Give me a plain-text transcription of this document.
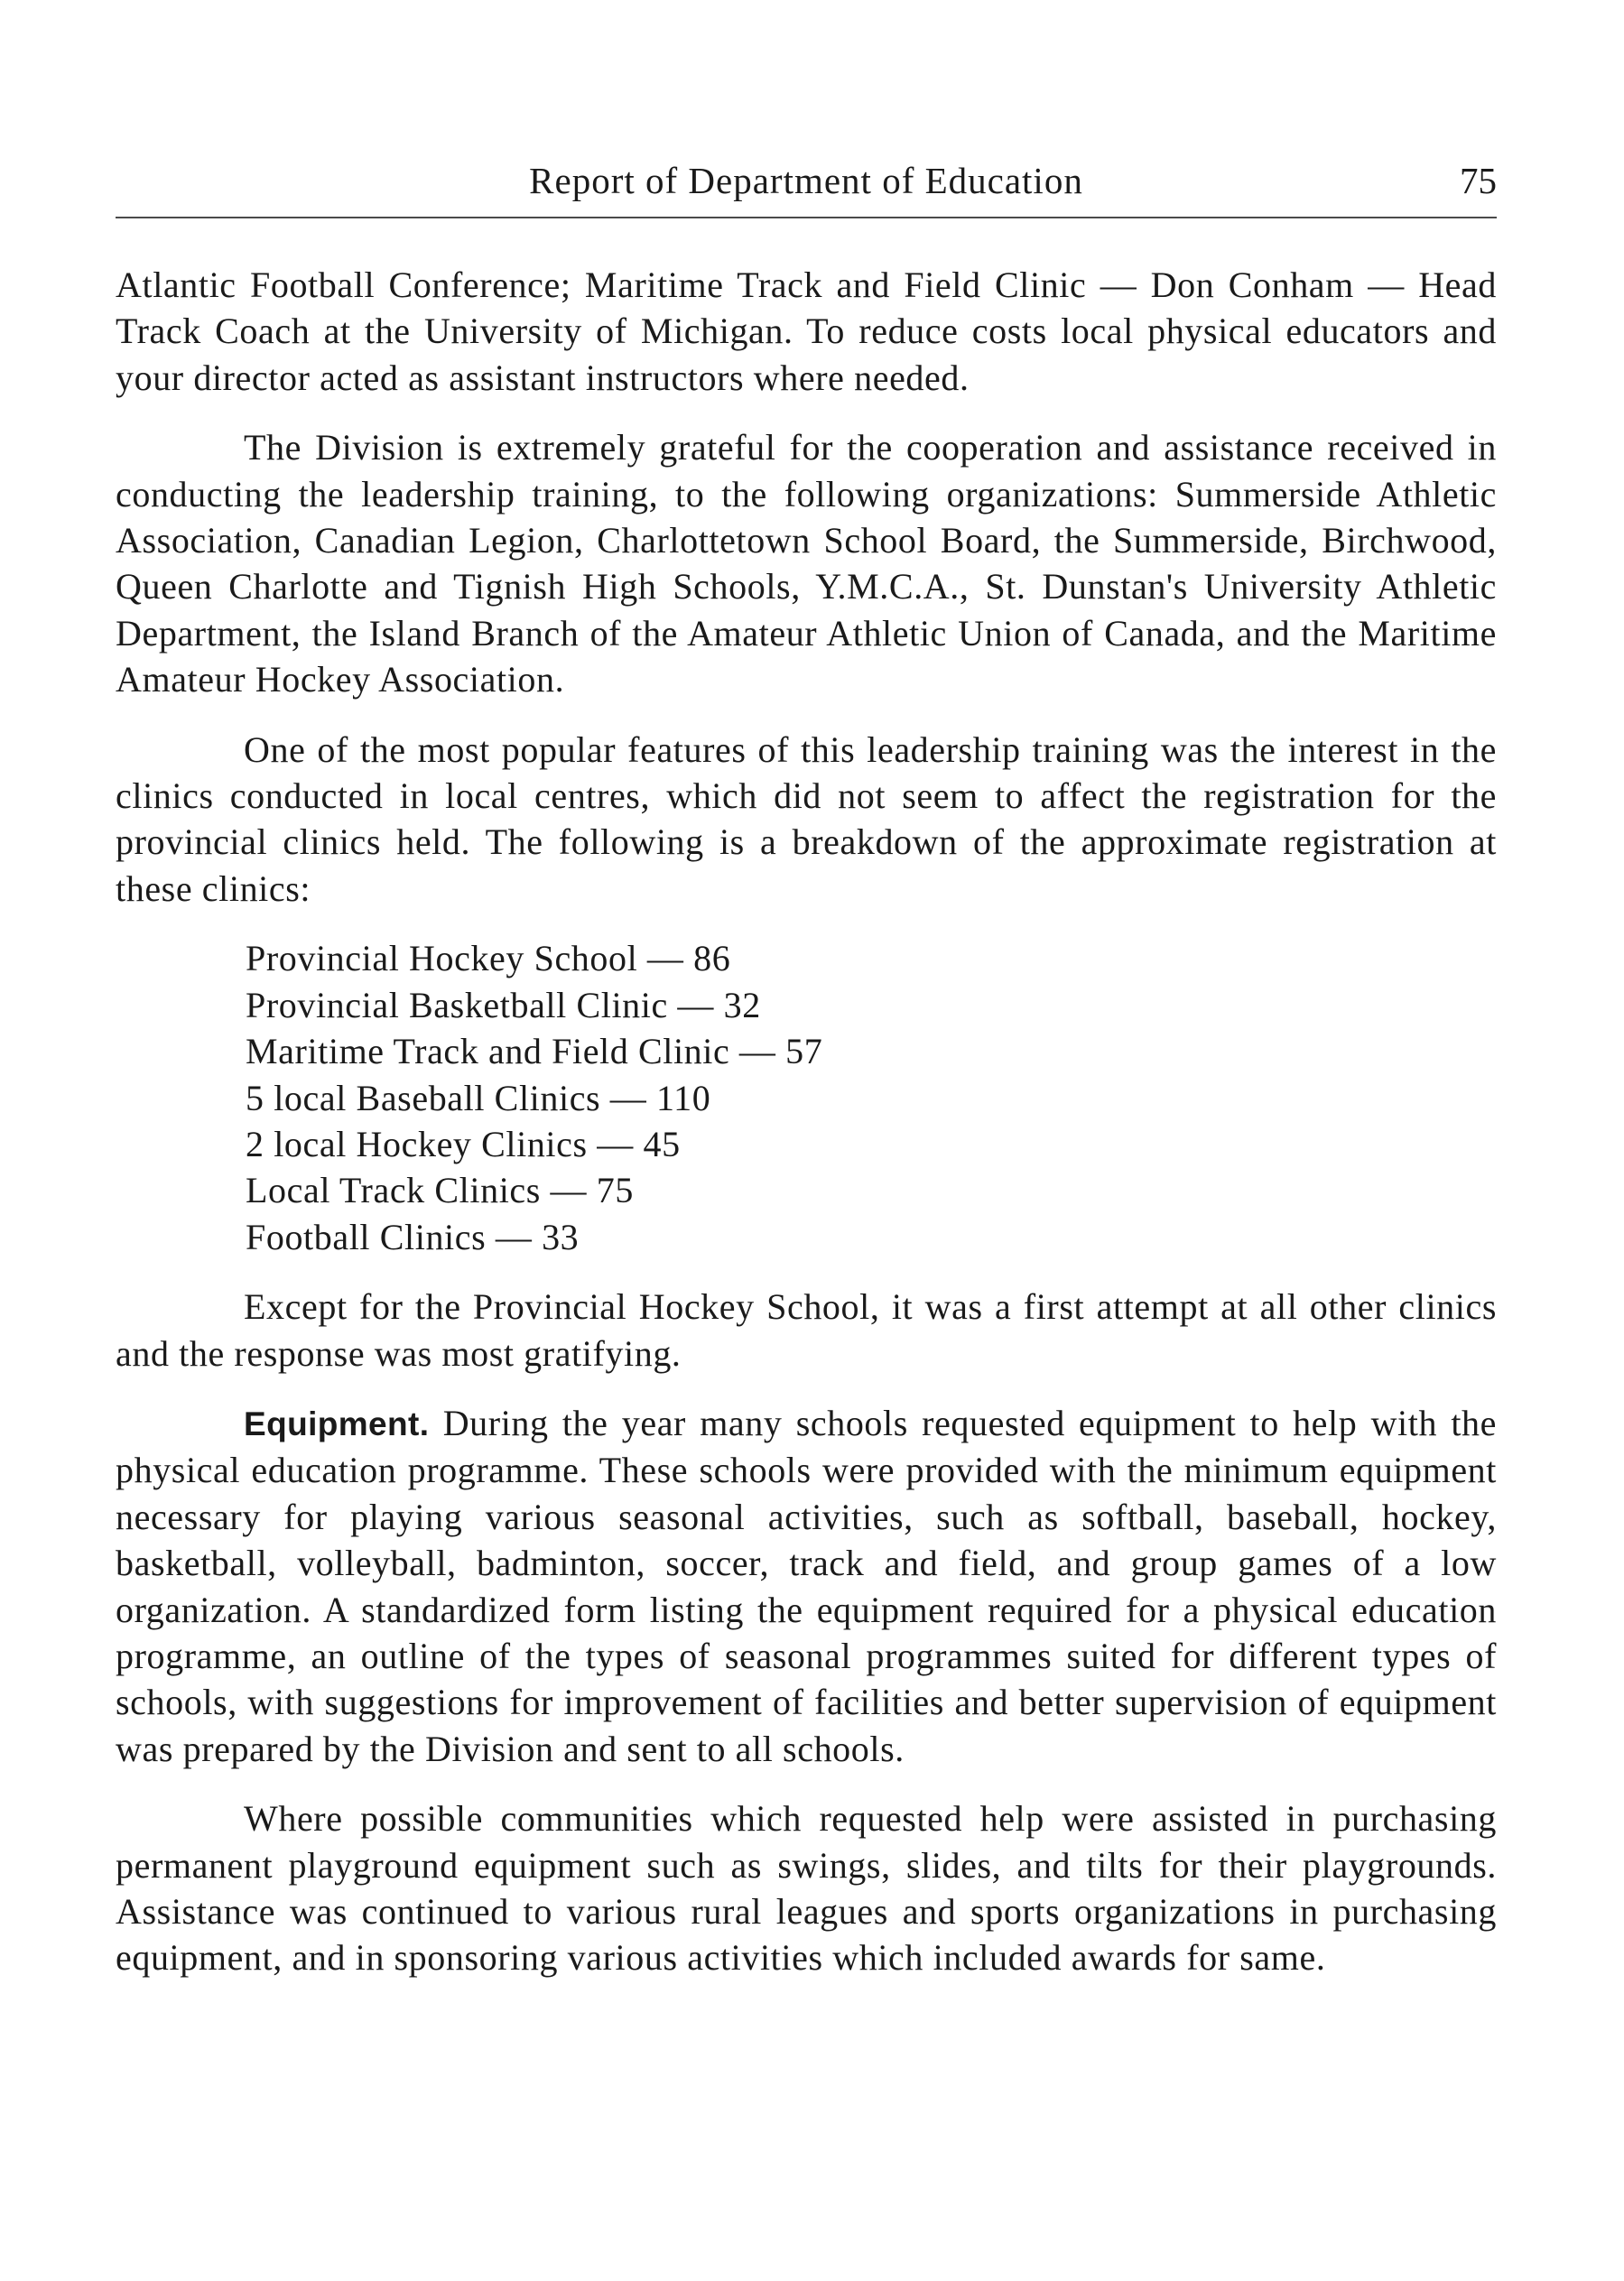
Report of Department of Education	75

Atlantic Football Conference; Maritime Track and Field Clinic — Don Conham — Head Track Coach at the University of Michigan. To reduce costs local physical educators and your director acted as assistant instructors where needed.

The Division is extremely grateful for the cooperation and assistance received in conducting the leadership training, to the following organizations: Summerside Athletic Association, Canadian Legion, Charlottetown School Board, the Summerside, Birchwood, Queen Charlotte and Tignish High Schools, Y.M.C.A., St. Dunstan's University Athletic Department, the Island Branch of the Amateur Athletic Union of Canada, and the Maritime Amateur Hockey Association.

One of the most popular features of this leadership training was the interest in the clinics conducted in local centres, which did not seem to affect the registration for the provincial clinics held. The following is a breakdown of the approximate registration at these clinics:

Provincial Hockey School — 86
Provincial Basketball Clinic — 32
Maritime Track and Field Clinic — 57
5 local Baseball Clinics — 110
2 local Hockey Clinics — 45
Local Track Clinics — 75
Football Clinics — 33

Except for the Provincial Hockey School, it was a first attempt at all other clinics and the response was most gratifying.

Equipment. During the year many schools requested equipment to help with the physical education programme. These schools were provided with the minimum equipment necessary for playing various seasonal activities, such as softball, baseball, hockey, basketball, volleyball, badminton, soccer, track and field, and group games of a low organization. A standardized form listing the equipment required for a physical education programme, an outline of the types of seasonal programmes suited for different types of schools, with suggestions for improvement of facilities and better supervision of equipment was prepared by the Division and sent to all schools.

Where possible communities which requested help were assisted in purchasing permanent playground equipment such as swings, slides, and tilts for their playgrounds. Assistance was continued to various rural leagues and sports organizations in purchasing equipment, and in sponsoring various activities which included awards for same.
